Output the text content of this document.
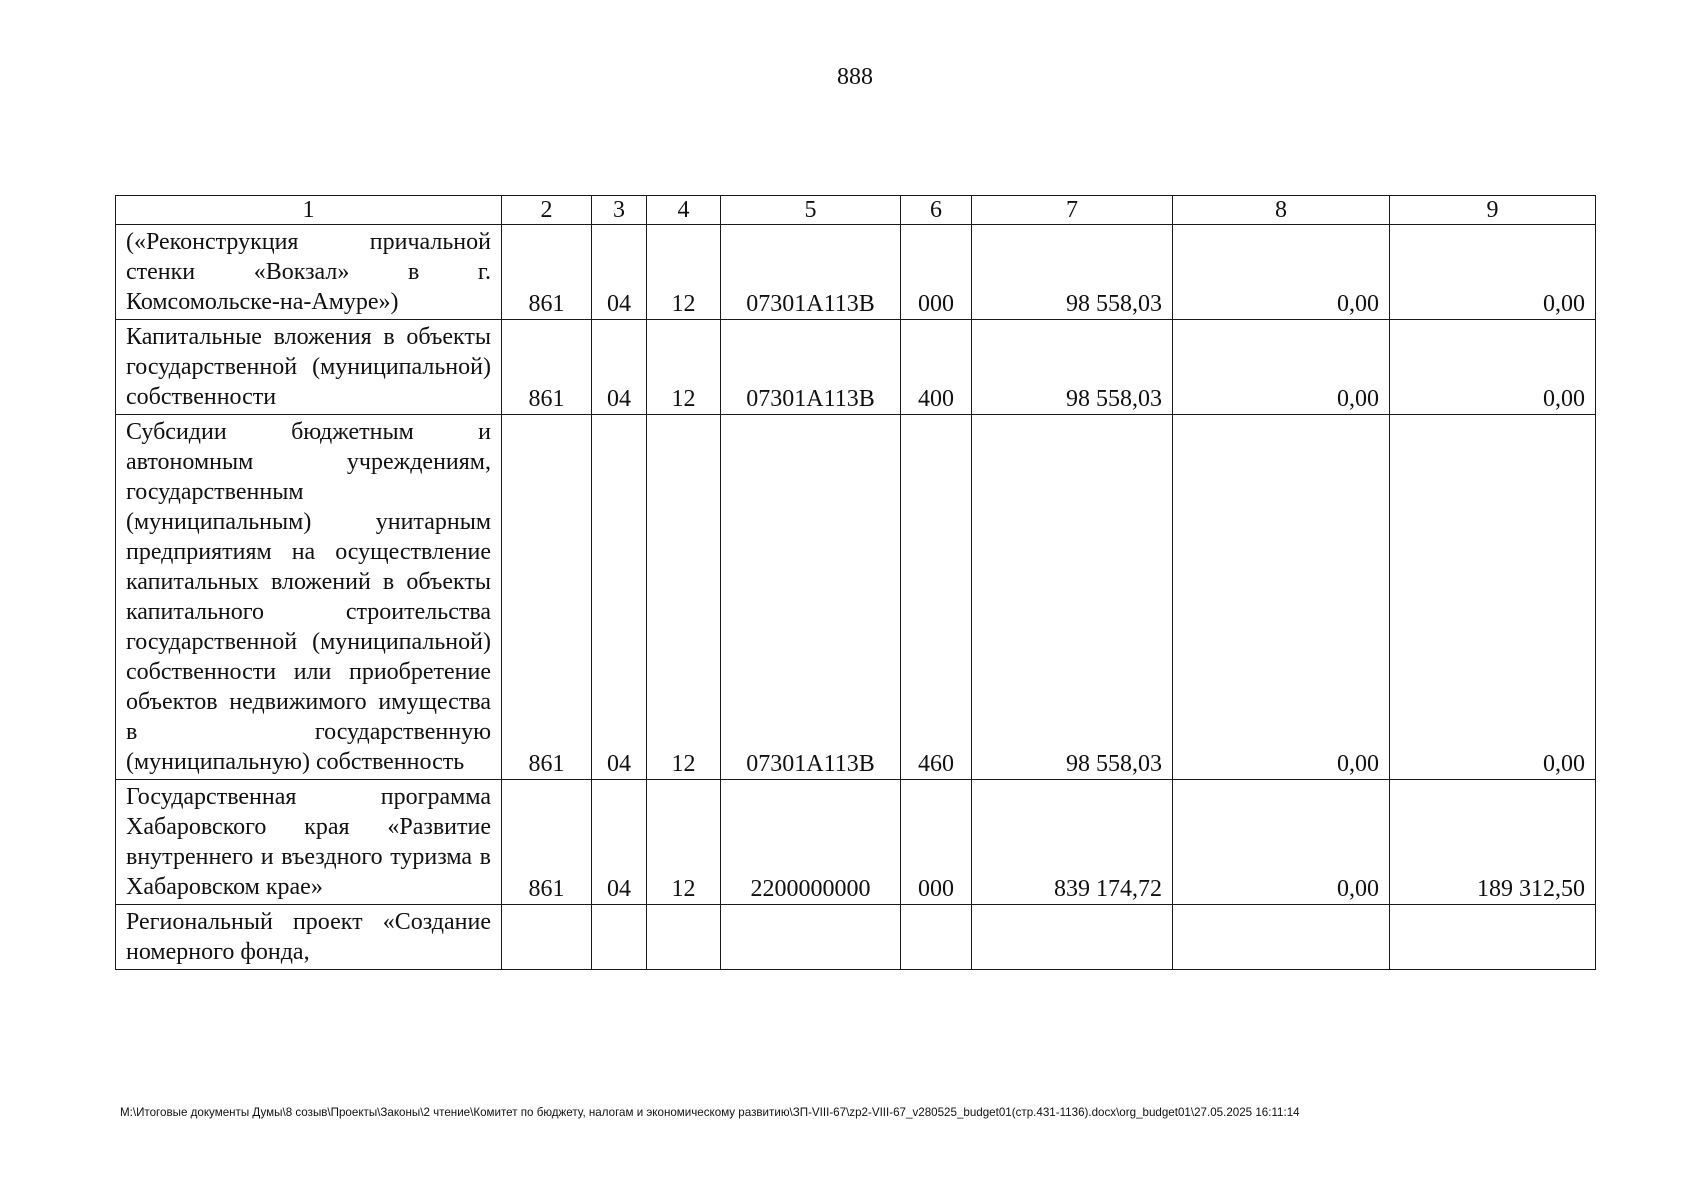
888
1	2	3	4	5	6	7	8	9
(«Реконструкция причальной стенки «Вокзал» в г. Комсомольске-на-Амуре»)	861	04	12	07301A113B	000	98 558,03	0,00	0,00
Капитальные вложения в объекты государственной (муниципальной) собственности	861	04	12	07301A113B	400	98 558,03	0,00	0,00
Субсидии бюджетным и автономным учреждениям, государственным (муниципальным) унитарным предприятиям на осуществление капитальных вложений в объекты капитального строительства государственной (муниципальной) собственности или приобретение объектов недвижимого имущества в государственную (муниципальную) собственность	861	04	12	07301A113B	460	98 558,03	0,00	0,00
Государственная программа Хабаровского края «Развитие внутреннего и въездного туризма в Хабаровском крае»	861	04	12	2200000000	000	839 174,72	0,00	189 312,50
Региональный проект «Создание номерного фонда,								
M:\Итоговые документы Думы\8 созыв\Проекты\Законы\2 чтение\Комитет по бюджету, налогам и экономическому развитию\ЗП-VIII-67\zp2-VIII-67_v280525_budget01(стр.431-1136).docx\org_budget01\27.05.2025 16:11:14
